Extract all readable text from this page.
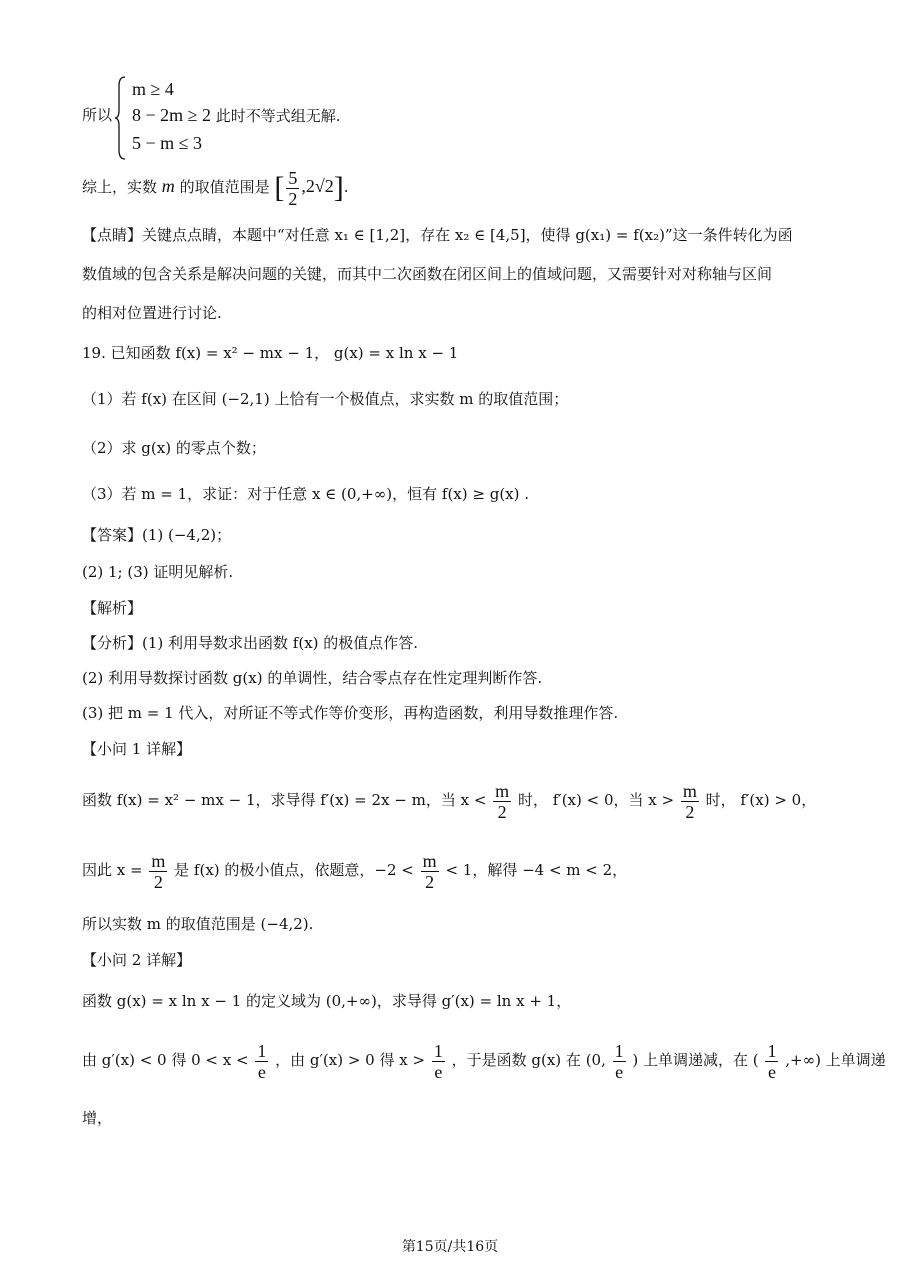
所以
m ≥ 4
8 − 2m ≥ 2 此时不等式组无解.
5 − m ≤ 3
综上，实数 m 的取值范围是 [ $\frac{5}{2} ,2√2$].
【点睛】关键点点睛，本题中“对任意 x₁ ∈ [1,2]，存在 x₂ ∈ [4,5]，使得 g(x₁) = f(x₂)”这一条件转化为函
数值域的包含关系是解决问题的关键，而其中二次函数在闭区间上的值域问题，又需要针对对称轴与区间
的相对位置进行讨论.
19. 已知函数 f(x) = x² − mx − 1， g(x) = x ln x − 1
（1）若 f(x) 在区间 (−2,1) 上恰有一个极值点，求实数 m 的取值范围；
（2）求 g(x) 的零点个数；
（3）若 m = 1，求证：对于任意 x ∈ (0,+∞)，恒有 f(x) ≥ g(x) .
【答案】(1) (−4,2)；
(2) 1; (3) 证明见解析.
【解析】
【分析】(1) 利用导数求出函数 f(x) 的极值点作答.
(2) 利用导数探讨函数 g(x) 的单调性，结合零点存在性定理判断作答.
(3) 把 m = 1 代入，对所证不等式作等价变形，再构造函数，利用导数推理作答.
【小问 1 详解】
函数 f(x) = x² − mx − 1，求导得 f′(x) = 2x − m，当 $x < \frac{m}{2}$ 时， f′(x) < 0，当 $x > \frac{m}{2}$ 时， f′(x) > 0，
因此 $x = \frac{m}{2}$ 是 f(x) 的极小值点，依题意，$-2 < \frac{m}{2} < 1$，解得 −4 < m < 2，
所以实数 m 的取值范围是 (−4,2).
【小问 2 详解】
函数 g(x) = x ln x − 1 的定义域为 (0,+∞)，求导得 g′(x) = ln x + 1，
由 g′(x) < 0 得 $0 < x < \frac{1}{e}$ ，由 g′(x) > 0 得 $x > \frac{1}{e}$ ，于是函数 g(x) 在 (0, $\frac{1}{e}$ ) 上单调递减，在 ( $\frac{1}{e}$ ,+∞) 上单调递
增，
第15页/共16页
